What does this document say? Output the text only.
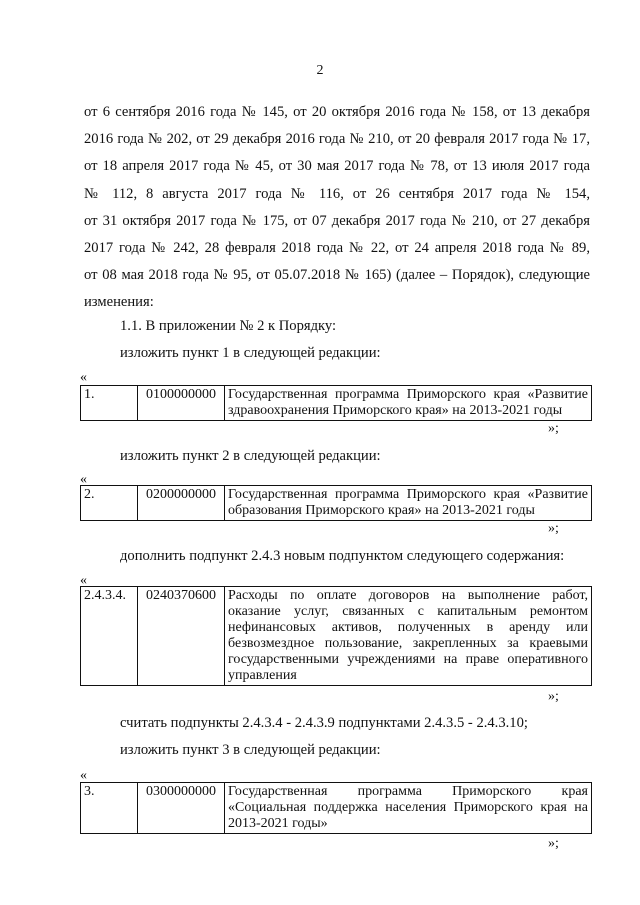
2
от 6 сентября 2016 года № 145, от 20 октября 2016 года № 158, от 13 декабря
2016 года № 202, от 29 декабря 2016 года № 210, от 20 февраля 2017 года № 17,
от 18 апреля 2017 года № 45, от 30 мая 2017 года № 78, от 13 июля 2017 года
№ 112, 8 августа 2017 года № 116, от 26 сентября 2017 года № 154,
от 31 октября 2017 года № 175, от 07 декабря 2017 года № 210, от 27 декабря
2017 года № 242, 28 февраля 2018 года № 22, от 24 апреля 2018 года № 89,
от 08 мая 2018 года № 95, от 05.07.2018 № 165) (далее – Порядок), следующие
изменения:
1.1. В приложении № 2 к Порядку:
изложить пункт 1 в следующей редакции:
«
1.	0100000000	Государственная программа Приморского края «Развитие
здравоохранения Приморского края» на 2013-2021 годы
»;
изложить пункт 2 в следующей редакции:
«
2.	0200000000	Государственная программа Приморского края «Развитие
образования Приморского края» на 2013-2021 годы
»;
дополнить подпункт 2.4.3 новым подпунктом следующего содержания:
«
2.4.3.4.	0240370600	Расходы по оплате договоров на выполнение работ,
оказание услуг, связанных с капитальным ремонтом
нефинансовых активов, полученных в аренду или
безвозмездное пользование, закрепленных за краевыми
государственными учреждениями на праве оперативного
управления
»;
считать подпункты 2.4.3.4 - 2.4.3.9 подпунктами 2.4.3.5 - 2.4.3.10;
изложить пункт 3 в следующей редакции:
«
3.	0300000000	Государственная программа Приморского края
«Социальная поддержка населения Приморского края на
2013-2021 годы»
»;
